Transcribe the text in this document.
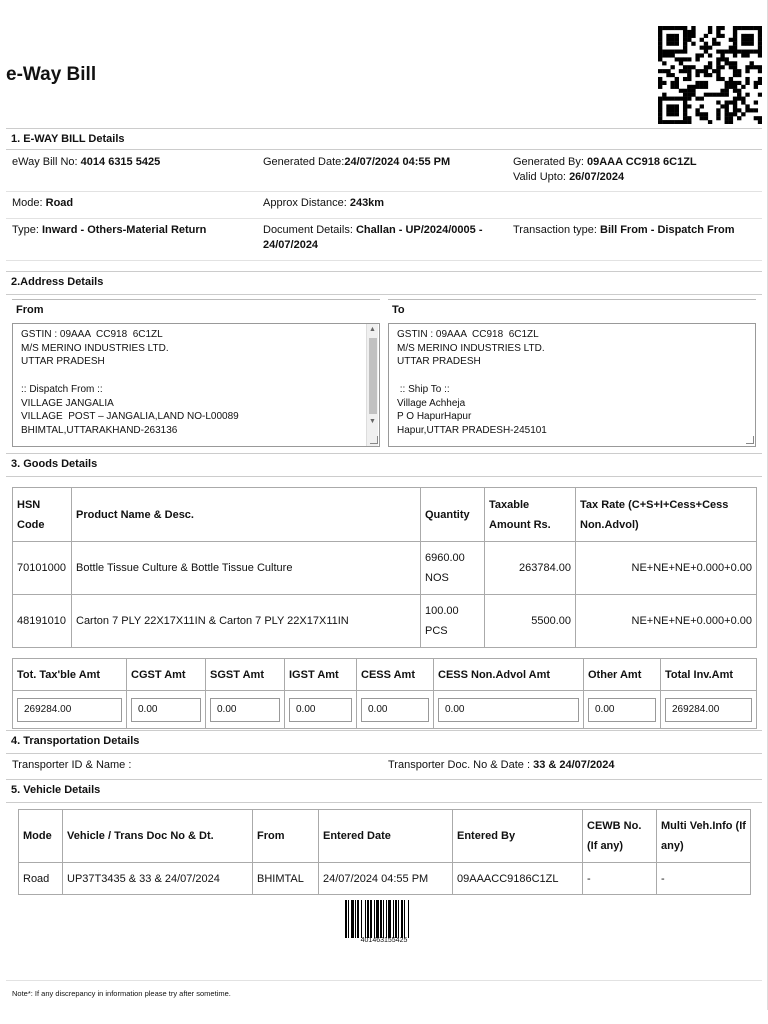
e-Way Bill
1. E-WAY BILL Details
eWay Bill No: 4014 6315 5425	Generated Date:24/07/2024 04:55 PM	Generated By: 09AAA CC918 6C1ZL
Valid Upto: 26/07/2024
Mode: Road	Approx Distance: 243km
Type: Inward - Others-Material Return	Document Details: Challan - UP/2024/0005 - 24/07/2024
Transaction type: Bill From - Dispatch From
2.Address Details
From	To
GSTIN : 09AAA  CC918  6C1ZL
M/S MERINO INDUSTRIES LTD.
UTTAR PRADESH

:: Dispatch From ::
VILLAGE JANGALIA
VILLAGE  POST – JANGALIA,LAND NO-L00089
BHIMTAL,UTTARAKHAND-263136
▲
▼
GSTIN : 09AAA  CC918  6C1ZL
M/S MERINO INDUSTRIES LTD.
UTTAR PRADESH

:: Ship To ::
Village Achheja
P O HapurHapur
Hapur,UTTAR PRADESH-245101
3. Goods Details
HSN Code	Product Name & Desc.	Quantity	Taxable Amount Rs.	Tax Rate (C+S+I+Cess+Cess Non.Advol)
70101000	Bottle Tissue Culture & Bottle Tissue Culture	6960.00 NOS	263784.00	NE+NE+NE+0.000+0.00
48191010	Carton 7 PLY 22X17X11IN & Carton 7 PLY 22X17X11IN	100.00 PCS	5500.00	NE+NE+NE+0.000+0.00
Tot. Tax'ble Amt	CGST Amt	SGST Amt	IGST Amt	CESS Amt	CESS Non.Advol Amt	Other Amt	Total Inv.Amt

269284.00	0.00	0.00	0.00	0.00	0.00	0.00	269284.00
4. Transportation Details
Transporter ID & Name :	Transporter Doc. No & Date : 33 & 24/07/2024
5. Vehicle Details
Mode	Vehicle / Trans Doc No & Dt.	From	Entered Date	Entered By	CEWB No. (If any)	Multi Veh.Info (If any)
Road	UP37T3435 & 33 & 24/07/2024	BHIMTAL	24/07/2024 04:55 PM	09AAACC9186C1ZL	-	-
401463155425
Note*: If any discrepancy in information please try after sometime.
